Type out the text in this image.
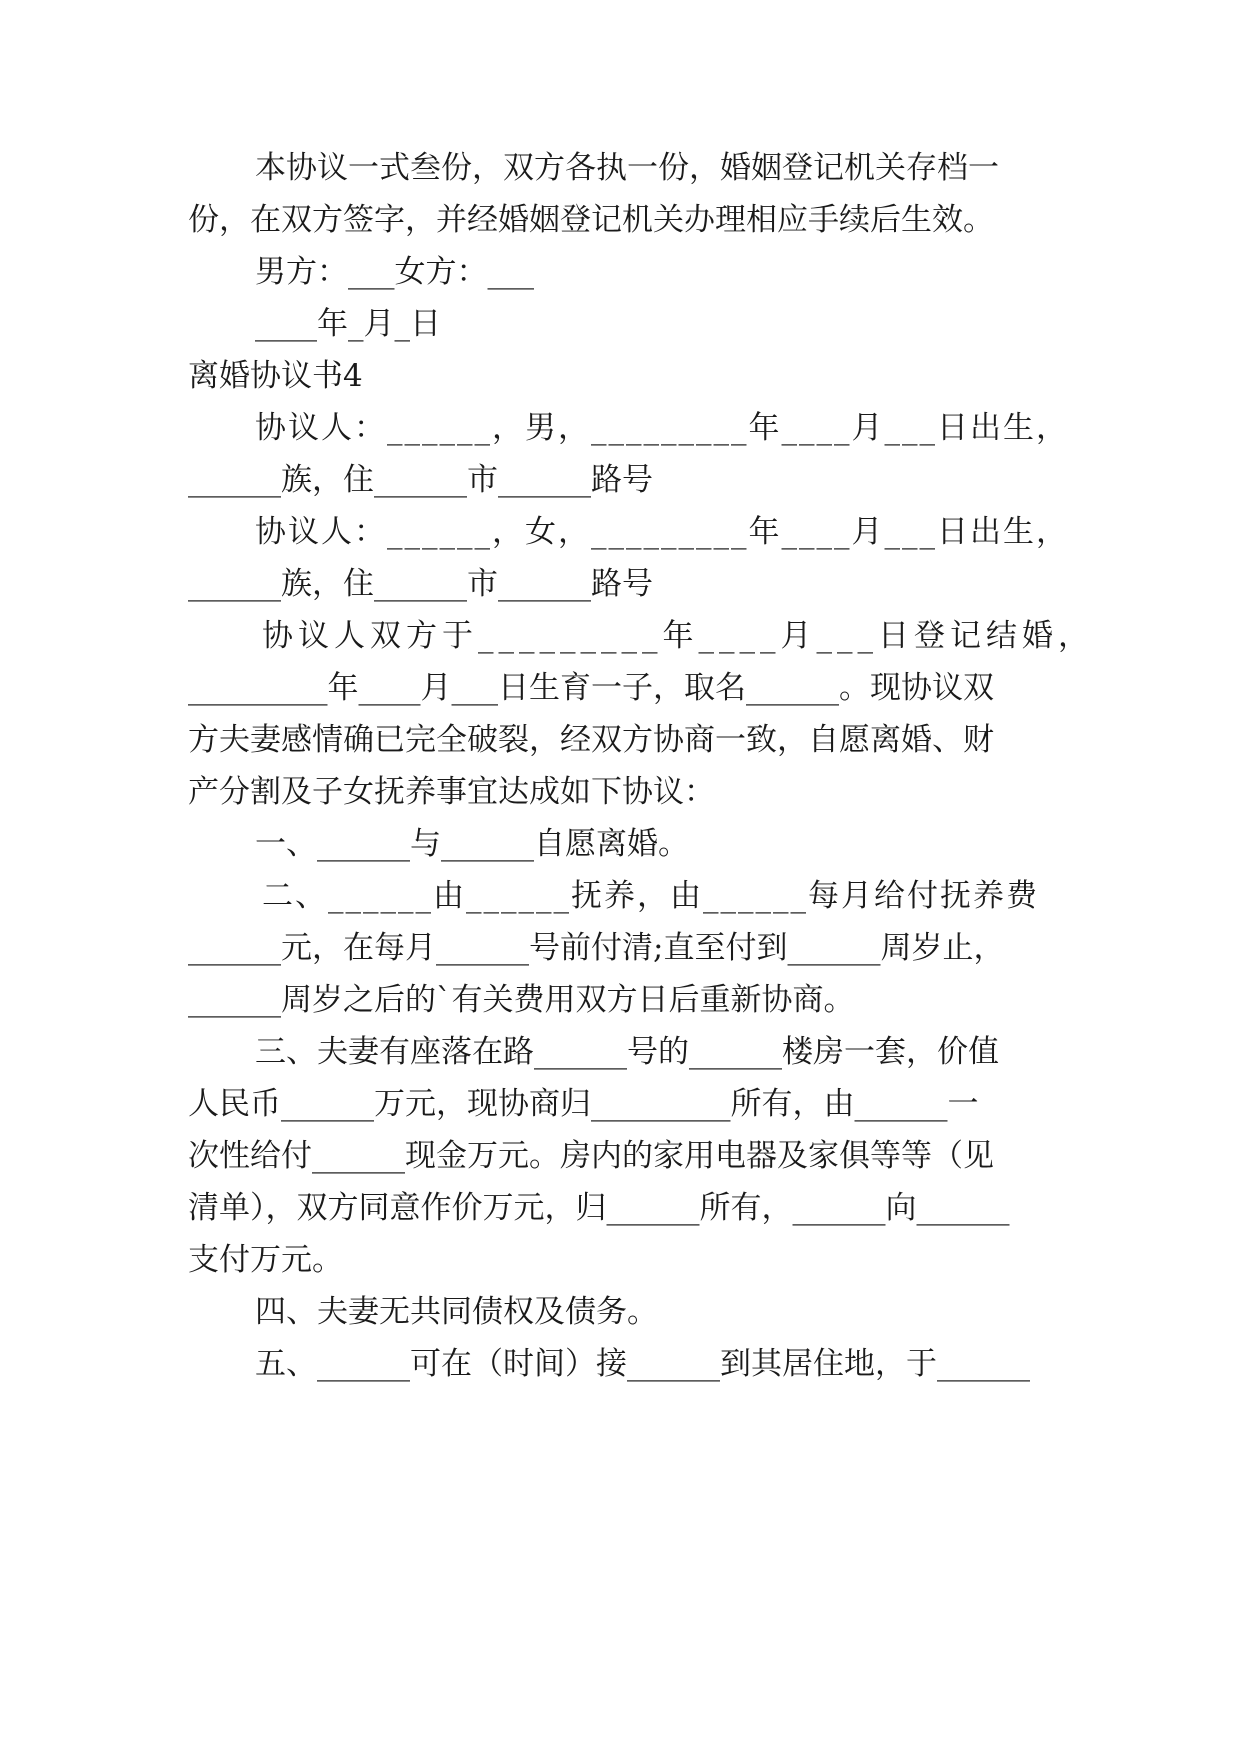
本协议一式叁份，双方各执一份，婚姻登记机关存档一
份，在双方签字，并经婚姻登记机关办理相应手续后生效。
男方：___女方：___
____年_月_日
离婚协议书4
协议人：______，男，_________年____月___日出生，
______族，住______市______路号
协议人：______，女，_________年____月___日出生，
______族，住______市______路号
协议人双方于_________年____月___日登记结婚，
_________年____月___日生育一子，取名______。现协议双
方夫妻感情确已完全破裂，经双方协商一致，自愿离婚、财
产分割及子女抚养事宜达成如下协议：
一、______与______自愿离婚。
二、______由______抚养，由______每月给付抚养费
______元，在每月______号前付清;直至付到______周岁止，
______周岁之后的`有关费用双方日后重新协商。
三、夫妻有座落在路______号的______楼房一套，价值
人民币______万元，现协商归_________所有，由______一
次性给付______现金万元。房内的家用电器及家俱等等（见
清单），双方同意作价万元，归______所有，______向______
支付万元。
四、夫妻无共同债权及债务。
五、______可在（时间）接______到其居住地，于______
